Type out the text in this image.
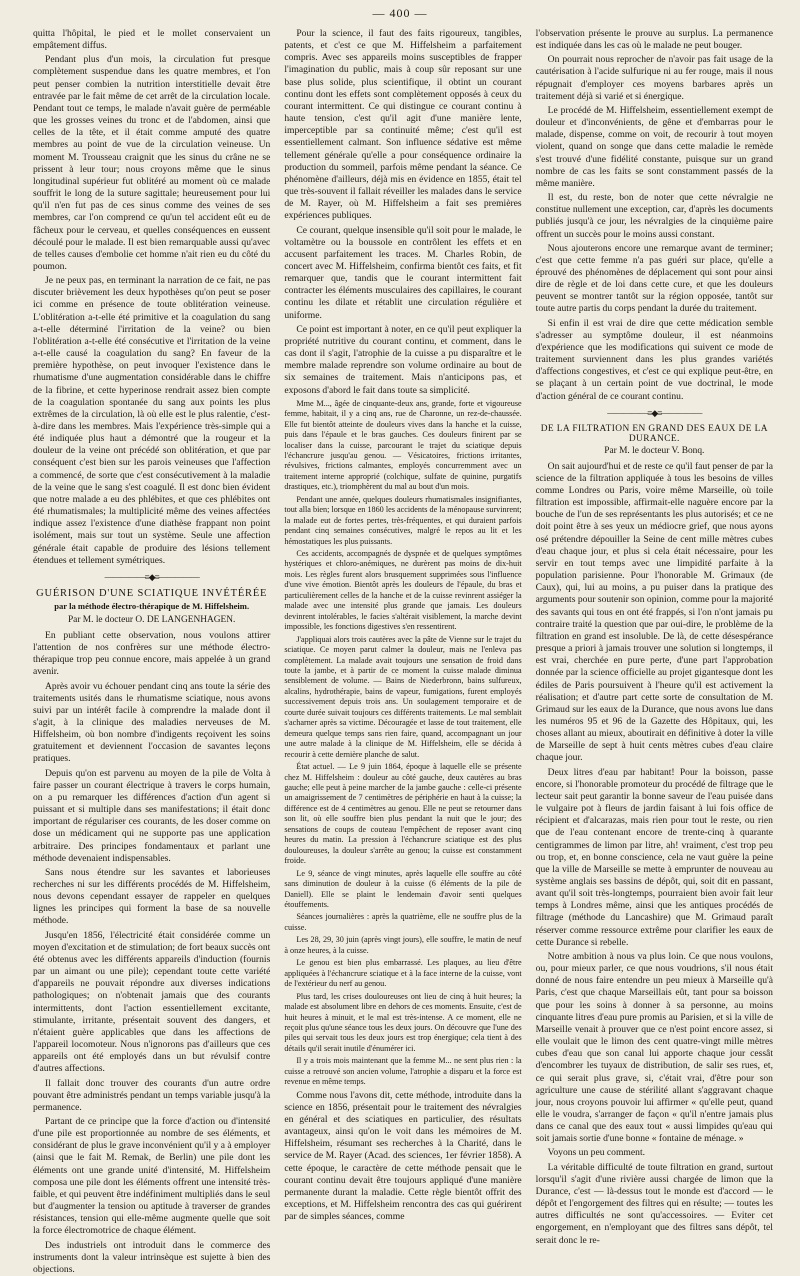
— 400 —

quitta l'hôpital, le pied et le mollet conservaient un empâtement diffus.

Pendant plus d'un mois, la circulation fut presque complètement suspendue dans les quatre membres, et l'on peut penser combien la nutrition interstitielle devait être entravée par le fait même de cet arrêt de la circulation locale. Pendant tout ce temps, le malade n'avait guère de perméable que les grosses veines du tronc et de l'abdomen, ainsi que celles de la tête, et il était comme amputé des quatre membres au point de vue de la circulation veineuse. Un moment M. Trousseau craignit que les sinus du crâne ne se prissent à leur tour; nous croyons même que le sinus longitudinal supérieur fut oblitéré au moment où ce malade souffrit le long de la suture sagittale; heureusement pour lui qu'il n'en fut pas de ces sinus comme des veines de ses membres, car l'on comprend ce qu'un tel accident eût eu de fâcheux pour le cerveau, et quelles conséquences en eussent découlé pour le malade. Il est bien remarquable aussi qu'avec de telles causes d'embolie cet homme n'ait rien eu du côté du poumon.

Je ne peux pas, en terminant la narration de ce fait, ne pas discuter brièvement les deux hypothèses qu'on peut se poser ici comme en présence de toute oblitération veineuse. L'oblitération a-t-elle été primitive et la coagulation du sang a-t-elle déterminé l'irritation de la veine? ou bien l'oblitération a-t-elle été consécutive et l'irritation de la veine a-t-elle causé la coagulation du sang? En faveur de la première hypothèse, on peut invoquer l'existence dans le rhumatisme d'une augmentation considérable dans le chiffre de la fibrine, et cette hyperinose rendrait assez bien compte de la coagulation spontanée du sang aux points les plus extrêmes de la circulation, là où elle est le plus ralentie, c'est-à-dire dans les membres. Mais l'expérience très-simple qui a été indiquée plus haut a démontré que la rougeur et la douleur de la veine ont précédé son oblitération, et que par conséquent c'est bien sur les parois veineuses que l'affection a commencé, de sorte que c'est consécutivement à la maladie de la veine que le sang s'est coagulé. Il est donc bien évident que notre malade a eu des phlébites, et que ces phlébites ont été rhumatismales; la multiplicité même des veines affectées indique assez l'existence d'une diathèse frappant non point isolément, mais sur tout un système. Seule une affection générale était capable de produire des lésions tellement étendues et tellement symétriques.

—————≡◆≡—————
GUÉRISON D'UNE SCIATIQUE INVÉTÉRÉE
par la méthode électro-thérapique de M. Hiffelsheim.
Par M. le docteur O. DE LANGENHAGEN.

En publiant cette observation, nous voulons attirer l'attention de nos confrères sur une méthode électro-thérapique trop peu connue encore, mais appelée à un grand avenir.

Après avoir vu échouer pendant cinq ans toute la série des traitements usités dans le rhumatisme sciatique, nous avons suivi par un intérêt facile à comprendre la malade dont il s'agit, à la clinique des maladies nerveuses de M. Hiffelsheim, où bon nombre d'indigents reçoivent les soins gratuitement et deviennent l'occasion de savantes leçons pratiques.

Depuis qu'on est parvenu au moyen de la pile de Volta à faire passer un courant électrique à travers le corps humain, on a pu remarquer les différences d'action d'un agent si puissant et si multiple dans ses manifestations; il était donc important de régulariser ces courants, de les doser comme on dose un médicament qui ne supporte pas une application arbitraire. Des principes fondamentaux et parlant une méthode devenaient indispensables.

Sans nous étendre sur les savantes et laborieuses recherches ni sur les différents procédés de M. Hiffelsheim, nous devons cependant essayer de rappeler en quelques lignes les principes qui forment la base de sa nouvelle méthode.

Jusqu'en 1856, l'électricité était considérée comme un moyen d'excitation et de stimulation; de fort beaux succès ont été obtenus avec les différents appareils d'induction (fournis par un aimant ou une pile); cependant toute cette variété d'appareils ne pouvait répondre aux diverses indications pathologiques; on n'obtenait jamais que des courants intermittents, dont l'action essentiellement excitante, stimulante, irritante, présentait souvent des dangers, et n'étaient guère applicables que dans les affections de l'appareil locomoteur. Nous n'ignorons pas d'ailleurs que ces appareils ont été employés dans un but révulsif contre d'autres affections.

Il fallait donc trouver des courants d'un autre ordre pouvant être administrés pendant un temps variable jusqu'à la permanence.

Partant de ce principe que la force d'action ou d'intensité d'une pile est proportionnée au nombre de ses éléments, et considérant de plus le grave inconvénient qu'il y a à employer (ainsi que le fait M. Remak, de Berlin) une pile dont les éléments ont une grande unité d'intensité, M. Hiffelsheim composa une pile dont les éléments offrent une intensité très-faible, et qui peuvent être indéfiniment multipliés dans le seul but d'augmenter la tension ou aptitude à traverser de grandes résistances, tension qui elle-même augmente quelle que soit la force électromotrice de chaque élément.

Des industriels ont introduit dans le commerce des instruments dont la valeur intrinsèque est sujette à bien des objections.

Pour la science, il faut des faits rigoureux, tangibles, patents, et c'est ce que M. Hiffelsheim a parfaitement compris. Avec ses appareils moins susceptibles de frapper l'imagination du public, mais à coup sûr reposant sur une base plus solide, plus scientifique, il obtint un courant continu dont les effets sont complètement opposés à ceux du courant intermittent. Ce qui distingue ce courant continu à haute tension, c'est qu'il agit d'une manière lente, imperceptible par sa continuité même; c'est qu'il est essentiellement calmant. Son influence sédative est même tellement générale qu'elle a pour conséquence ordinaire la production du sommeil, parfois même pendant la séance. Ce phénomène d'ailleurs, déjà mis en évidence en 1855, était tel que très-souvent il fallait réveiller les malades dans le service de M. Rayer, où M. Hiffelsheim a fait ses premières expériences publiques.

Ce courant, quelque insensible qu'il soit pour le malade, le voltamètre ou la boussole en contrôlent les effets et en accusent parfaitement les traces. M. Charles Robin, de concert avec M. Hiffelsheim, confirma bientôt ces faits, et fit remarquer que, tandis que le courant intermittent fait contracter les éléments musculaires des capillaires, le courant continu les dilate et rétablit une circulation régulière et uniforme.

Ce point est important à noter, en ce qu'il peut expliquer la propriété nutritive du courant continu, et comment, dans le cas dont il s'agit, l'atrophie de la cuisse a pu disparaître et le membre malade reprendre son volume ordinaire au bout de six semaines de traitement. Mais n'anticipons pas, et exposons d'abord le fait dans toute sa simplicité.

Mme M..., âgée de cinquante-deux ans, grande, forte et vigoureuse femme, habitait, il y a cinq ans, rue de Charonne, un rez-de-chaussée. Elle fut bientôt atteinte de douleurs vives dans la hanche et la cuisse, puis dans l'épaule et le bras gauches. Ces douleurs finirent par se localiser dans la cuisse, parcourant le trajet du sciatique depuis l'échancrure jusqu'au genou. — Vésicatoires, frictions irritantes, révulsives, frictions calmantes, employés concurremment avec un traitement interne approprié (colchique, sulfate de quinine, purgatifs drastiques, etc.), triomphèrent du mal au bout d'un mois.

Pendant une année, quelques douleurs rhumatismales insignifiantes, tout alla bien; lorsque en 1860 les accidents de la ménopause survinrent; la malade eut de fortes pertes, très-fréquentes, et qui duraient parfois pendant cinq semaines consécutives, malgré le repos au lit et les hémostatiques les plus puissants.

Ces accidents, accompagnés de dyspnée et de quelques symptômes hystériques et chloro-anémiques, ne durèrent pas moins de dix-huit mois. Les règles furent alors brusquement supprimées sous l'influence d'une vive émotion. Bientôt après les douleurs de l'épaule, du bras et particulièrement celles de la hanche et de la cuisse revinrent assiéger la malade avec une intensité plus grande que jamais. Les douleurs devinrent intolérables, le facies s'altérait visiblement, la marche devint impossible, les fonctions digestives s'en ressentirent.

J'appliquai alors trois cautères avec la pâte de Vienne sur le trajet du sciatique. Ce moyen parut calmer la douleur, mais ne l'enleva pas complètement. La malade avait toujours une sensation de froid dans toute la jambe, et à partir de ce moment la cuisse malade diminua sensiblement de volume. — Bains de Niederbronn, bains sulfureux, alcalins, hydrothérapie, bains de vapeur, fumigations, furent employés successivement depuis trois ans. Un soulagement temporaire et de courte durée suivait toujours ces différents traitements. Le mal semblait s'acharner après sa victime. Découragée et lasse de tout traitement, elle demeura quelque temps sans rien faire, quand, accompagnant un jour une autre malade à la clinique de M. Hiffelsheim, elle se décida à recourir à cette dernière planche de salut.

État actuel. — Le 9 juin 1864, époque à laquelle elle se présente chez M. Hiffelsheim : douleur au côté gauche, deux cautères au bras gauche; elle peut à peine marcher de la jambe gauche : celle-ci présente un amaigrissement de 7 centimètres de périphérie en haut à la cuisse; la différence est de 4 centimètres au genou. Elle ne peut se retourner dans son lit, où elle souffre bien plus pendant la nuit que le jour; des sensations de coups de couteau l'empêchent de reposer avant cinq heures du matin. La pression à l'échancrure sciatique est des plus douloureuses, la douleur s'arrête au genou; la cuisse est constamment froide.

Le 9, séance de vingt minutes, après laquelle elle souffre au côté sans diminution de douleur à la cuisse (6 éléments de la pile de Daniell). Elle se plaint le lendemain d'avoir senti quelques étouffements.

Séances journalières : après la quatrième, elle ne souffre plus de la cuisse.

Les 28, 29, 30 juin (après vingt jours), elle souffre, le matin de neuf à onze heures, à la cuisse.

Le genou est bien plus embarrassé. Les plaques, au lieu d'être appliquées à l'échancrure sciatique et à la face interne de la cuisse, vont de l'extérieur du nerf au genou.

Plus tard, les crises douloureuses ont lieu de cinq à huit heures; la malade est absolument libre en dehors de ces moments. Ensuite, c'est de huit heures à minuit, et le mal est très-intense. A ce moment, elle ne reçoit plus qu'une séance tous les deux jours. On découvre que l'une des piles qui servait tous les deux jours est trop énergique; cela tient à des détails qu'il serait inutile d'énumérer ici.

Il y a trois mois maintenant que la femme M... ne sent plus rien : la cuisse a retrouvé son ancien volume, l'atrophie a disparu et la force est revenue en même temps.

Comme nous l'avons dit, cette méthode, introduite dans la science en 1856, présentait pour le traitement des névralgies en général et des sciatiques en particulier, des résultats avantageux, ainsi qu'on le voit dans les mémoires de M. Hiffelsheim, résumant ses recherches à la Charité, dans le service de M. Rayer (Acad. des sciences, 1er février 1858). A cette époque, le caractère de cette méthode pensait que le courant continu devait être toujours appliqué d'une manière permanente durant la maladie. Cette règle bientôt offrit des exceptions, et M. Hiffelsheim rencontra des cas qui guérirent par de simples séances, comme

l'observation présente le prouve au surplus. La permanence est indiquée dans les cas où le malade ne peut bouger.

On pourrait nous reprocher de n'avoir pas fait usage de la cautérisation à l'acide sulfurique ni au fer rouge, mais il nous répugnait d'employer ces moyens barbares après un traitement déjà si varié et si énergique.

Le procédé de M. Hiffelsheim, essentiellement exempt de douleur et d'inconvénients, de gêne et d'embarras pour le malade, dispense, comme on voit, de recourir à tout moyen violent, quand on songe que dans cette maladie le remède s'est trouvé d'une fidélité constante, puisque sur un grand nombre de cas les faits se sont constamment passés de la même manière.

Il est, du reste, bon de noter que cette névralgie ne constitue nullement une exception, car, d'après les documents publiés jusqu'à ce jour, les névralgies de la cinquième paire offrent un succès pour le moins aussi constant.

Nous ajouterons encore une remarque avant de terminer; c'est que cette femme n'a pas guéri sur place, qu'elle a éprouvé des phénomènes de déplacement qui sont pour ainsi dire de règle et de loi dans cette cure, et que les douleurs peuvent se montrer tantôt sur la région opposée, tantôt sur toute autre partis du corps pendant la durée du traitement.

Si enfin il est vrai de dire que cette médication semble s'adresser au symptôme douleur, il est néanmoins d'expérience que les modifications qui suivent ce mode de traitement surviennent dans les plus grandes variétés d'affections congestives, et c'est ce qui explique peut-être, en se plaçant à un certain point de vue doctrinal, le mode d'action général de ce courant continu.

—————≡◆≡—————
DE LA FILTRATION EN GRAND DES EAUX DE LA DURANCE.
Par M. le docteur V. Bonq.

On sait aujourd'hui et de reste ce qu'il faut penser de par la science de la filtration appliquée à tous les besoins de villes comme Londres ou Paris, voire même Marseille, où toile filtration est impossible, affirmait-elle naguère encore par la bouche de l'un de ses représentants les plus autorisés; et ce ne doit point être à ses yeux un médiocre grief, que nous ayons osé prétendre dépouiller la Seine de cent mille mètres cubes d'eau chaque jour, et plus si cela était nécessaire, pour les servir en tout temps avec une limpidité parfaite à la population parisienne. Pour l'honorable M. Grimaux (de Caux), qui, lui au moins, a pu puiser dans la pratique des arguments pour soutenir son opinion, comme pour la majorité des savants qui tous en ont été frappés, si l'on n'ont jamais pu contraire traité la question que par oui-dire, le problème de la filtration en grand est insoluble. De là, de cette désespérance presque a priori à jamais trouver une solution si longtemps, il est vrai, cherchée en pure perte, d'une part l'approbation donnée par la science officielle au projet gigantesque dont les édiles de Paris poursuivent à l'heure qu'il est activement la réalisation; et d'autre part cette sorte de consultation de M. Grimaud sur les eaux de la Durance, que nous avons lue dans les numéros 95 et 96 de la Gazette des Hôpitaux, qui, les choses allant au mieux, aboutirait en définitive à doter la ville de Marseille de sept à huit cents mètres cubes d'eau claire chaque jour.

Deux litres d'eau par habitant! Pour la boisson, passe encore, si l'honorable promoteur du procédé de filtrage que le lecteur sait peut garantir la bonne saveur de l'eau puisée dans le vulgaire pot à fleurs de jardin faisant à lui fois office de récipient et d'alcarazas, mais rien pour tout le reste, ou rien que de l'eau contenant encore de trente-cinq à quarante centigrammes de limon par litre, ah! vraiment, c'est trop peu ou trop, et, en bonne conscience, cela ne vaut guère la peine que la ville de Marseille se mette à emprunter de nouveau au système anglais ses bassins de dépôt, qui, soit dit en passant, avant qu'il soit très-longtemps, pourraient bien avoir fait leur temps à Londres même, ainsi que les antiques procédés de filtrage (méthode du Lancashire) que M. Grimaud paraît réserver comme ressource extrême pour clarifier les eaux de cette Durance si rebelle.

Notre ambition à nous va plus loin. Ce que nous voulons, ou, pour mieux parler, ce que nous voudrions, s'il nous était donné de nous faire entendre un peu mieux à Marseille qu'à Paris, c'est que chaque Marseillais eût, tant pour sa boisson que pour les soins à donner à sa personne, au moins cinquante litres d'eau pure promis au Parisien, et si la ville de Marseille venait à prouver que ce n'est point encore assez, si elle voulait que le limon des cent quatre-vingt mille mètres cubes d'eau que son canal lui apporte chaque jour cessât d'encombrer les tuyaux de distribution, de salir ses rues, et, ce qui serait plus grave, si, c'était vrai, d'être pour son agriculture une cause de stérilité allant s'aggravant chaque jour, nous croyons pouvoir lui affirmer « qu'elle peut, quand elle le voudra, s'arranger de façon « qu'il n'entre jamais plus dans ce canal que des eaux tout « aussi limpides qu'eau qui soit jamais sortie d'une bonne « fontaine de ménage. »

Voyons un peu comment.

La véritable difficulté de toute filtration en grand, surtout lorsqu'il s'agit d'une rivière aussi chargée de limon que la Durance, c'est — là-dessus tout le monde est d'accord — le dépôt et l'engorgement des filtres qui en résulte; — toutes les autres difficultés ne sont qu'accessoires. — Eviter cet engorgement, en n'employant que des filtres sans dépôt, tel serait donc le re-
